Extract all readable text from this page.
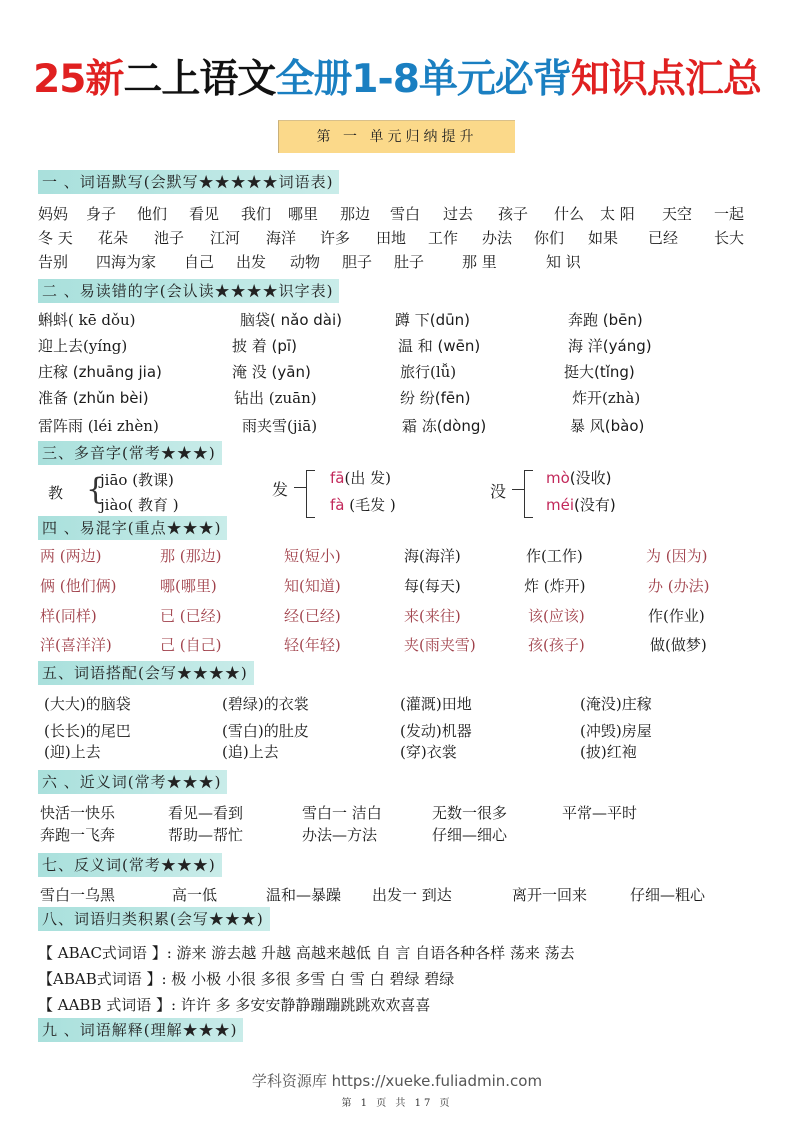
25新二上语文全册1-8单元必背知识点汇总
第 一 单元归纳提升
一 、词语默写(会默写★★★★★词语表)
妈妈 身子 他们 看见 我们 哪里 那边 雪白 过去 孩子 什么 太 阳 天空 一起
冬 天 花朵 池子 江河 海洋 许多 田地 工作 办法 你们 如果 已经 长大
告别 四海为家 自己 出发 动物 胆子 肚子	那 里	知 识
二 、易读错的字(会认读★★★★识字表)
蝌蚪( kē dǒu)	脑袋( nǎo dài)	蹲 下(dūn)	奔跑 (bēn)
迎上去(yíng)	披 着 (pī)	温 和 (wēn)	海 洋(yáng)
庄稼 (zhuāng jia)	淹 没 (yān)	旅行(lǚ)	挺大(tǐng)
准备 (zhǔn bèi)	钻出 (zuān)	纷 纷(fēn)	炸开(zhà)
雷阵雨 (léi zhèn)	雨夹雪(jiā)	霜 冻(dòng)	暴 风(bào)
三、多音字(常考★★★)
教 {
jiāo (教课)
jiào( 教育 )
发
fā(出 发)
fà (毛发 )
没
mò(没收)
méi(没有)
四 、易混字(重点★★★)
两 (两边)	那 (那边)	短(短小)	海(海洋)	作(工作)	为 (因为)
俩 (他们俩)	哪(哪里)	知(知道)	每(每天)	炸 (炸开)	办 (办法)
样(同样)	已 (已经)	经(已经)	来(来往)	该(应该)	作(作业)
洋(喜洋洋)	己 (自己)	轻(年轻)	夹(雨夹雪)	孩(孩子)	做(做梦)
五、词语搭配(会写★★★★)
(大大)的脑袋	(碧绿)的衣裳	(灌溉)田地	(淹没)庄稼
(长长)的尾巴	(雪白)的肚皮	(发动)机器	(冲毁)房屋
(迎)上去	(追)上去	(穿)衣裳	(披)红袍
六 、近义词(常考★★★)
快活一快乐	看见—看到	雪白一 洁白	无数一很多	平常—平时
奔跑一飞奔	帮助—帮忙	办法—方法	仔细—细心
七、反义词(常考★★★)
雪白一乌黑	高一低	温和—暴躁 出发一 到达	离开一回来	仔细—粗心
八、词语归类积累(会写★★★)
【 ABAC式词语 】: 游来 游去越 升越 高越来越低 自 言 自语各种各样 荡来 荡去
【ABAB式词语 】: 极 小极 小很 多很 多雪 白 雪 白 碧绿 碧绿
【 AABB 式词语 】: 许许 多 多安安静静蹦蹦跳跳欢欢喜喜
九 、词语解释(理解★★★)
学科资源库 https://xueke.fuliadmin.com
第 1 页 共 17 页
